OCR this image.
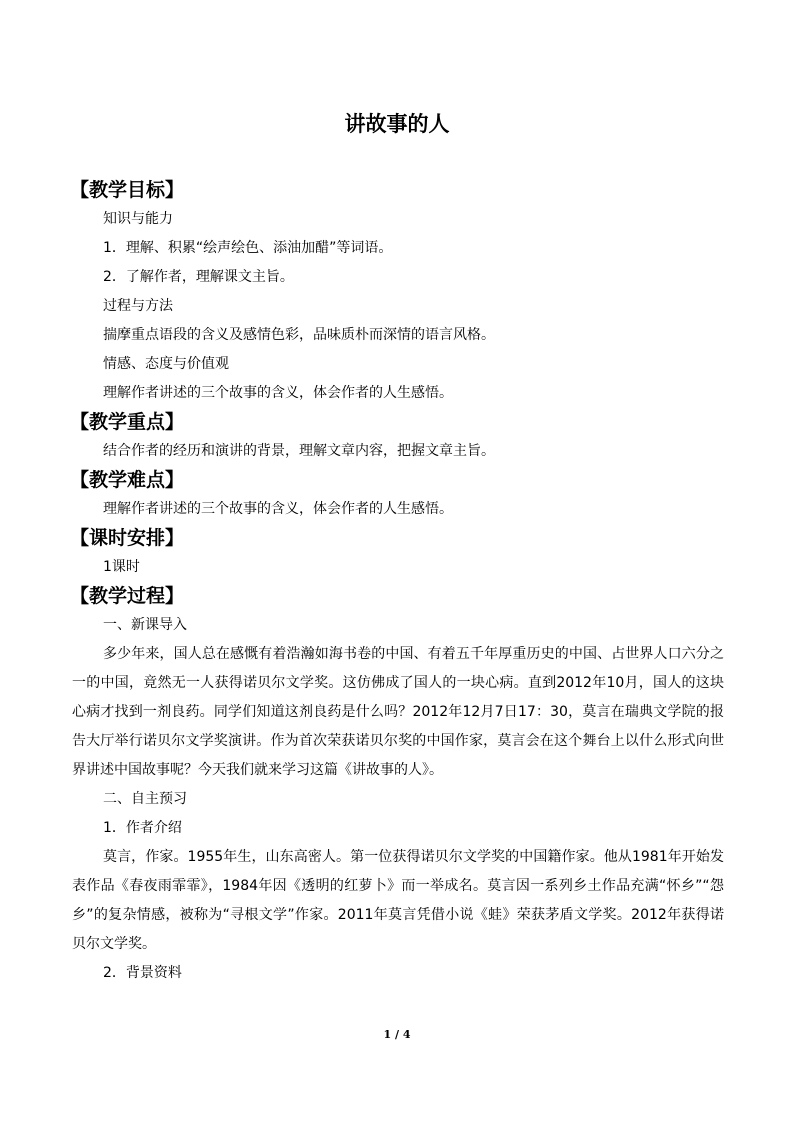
讲故事的人
【教学目标】
知识与能力
1．理解、积累“绘声绘色、添油加醋”等词语。
2．了解作者，理解课文主旨。
过程与方法
揣摩重点语段的含义及感情色彩，品味质朴而深情的语言风格。
情感、态度与价值观
理解作者讲述的三个故事的含义，体会作者的人生感悟。
【教学重点】
结合作者的经历和演讲的背景，理解文章内容，把握文章主旨。
【教学难点】
理解作者讲述的三个故事的含义，体会作者的人生感悟。
【课时安排】
1课时
【教学过程】
一、新课导入

多少年来，国人总在感慨有着浩瀚如海书卷的中国、有着五千年厚重历史的中国、占世界人口六分之一的中国，竟然无一人获得诺贝尔文学奖。这仿佛成了国人的一块心病。直到2012年10月，国人的这块心病才找到一剂良药。同学们知道这剂良药是什么吗？2012年12月7日17：30，莫言在瑞典文学院的报告大厅举行诺贝尔文学奖演讲。作为首次荣获诺贝尔奖的中国作家，莫言会在这个舞台上以什么形式向世界讲述中国故事呢？今天我们就来学习这篇《讲故事的人》。

二、自主预习
1．作者介绍

莫言，作家。1955年生，山东高密人。第一位获得诺贝尔文学奖的中国籍作家。他从1981年开始发表作品《春夜雨霏霏》，1984年因《透明的红萝卜》而一举成名。莫言因一系列乡土作品充满“怀乡”“怨乡”的复杂情感，被称为“寻根文学”作家。2011年莫言凭借小说《蛙》荣获茅盾文学奖。2012年获得诺贝尔文学奖。

2．背景资料
1 / 4
